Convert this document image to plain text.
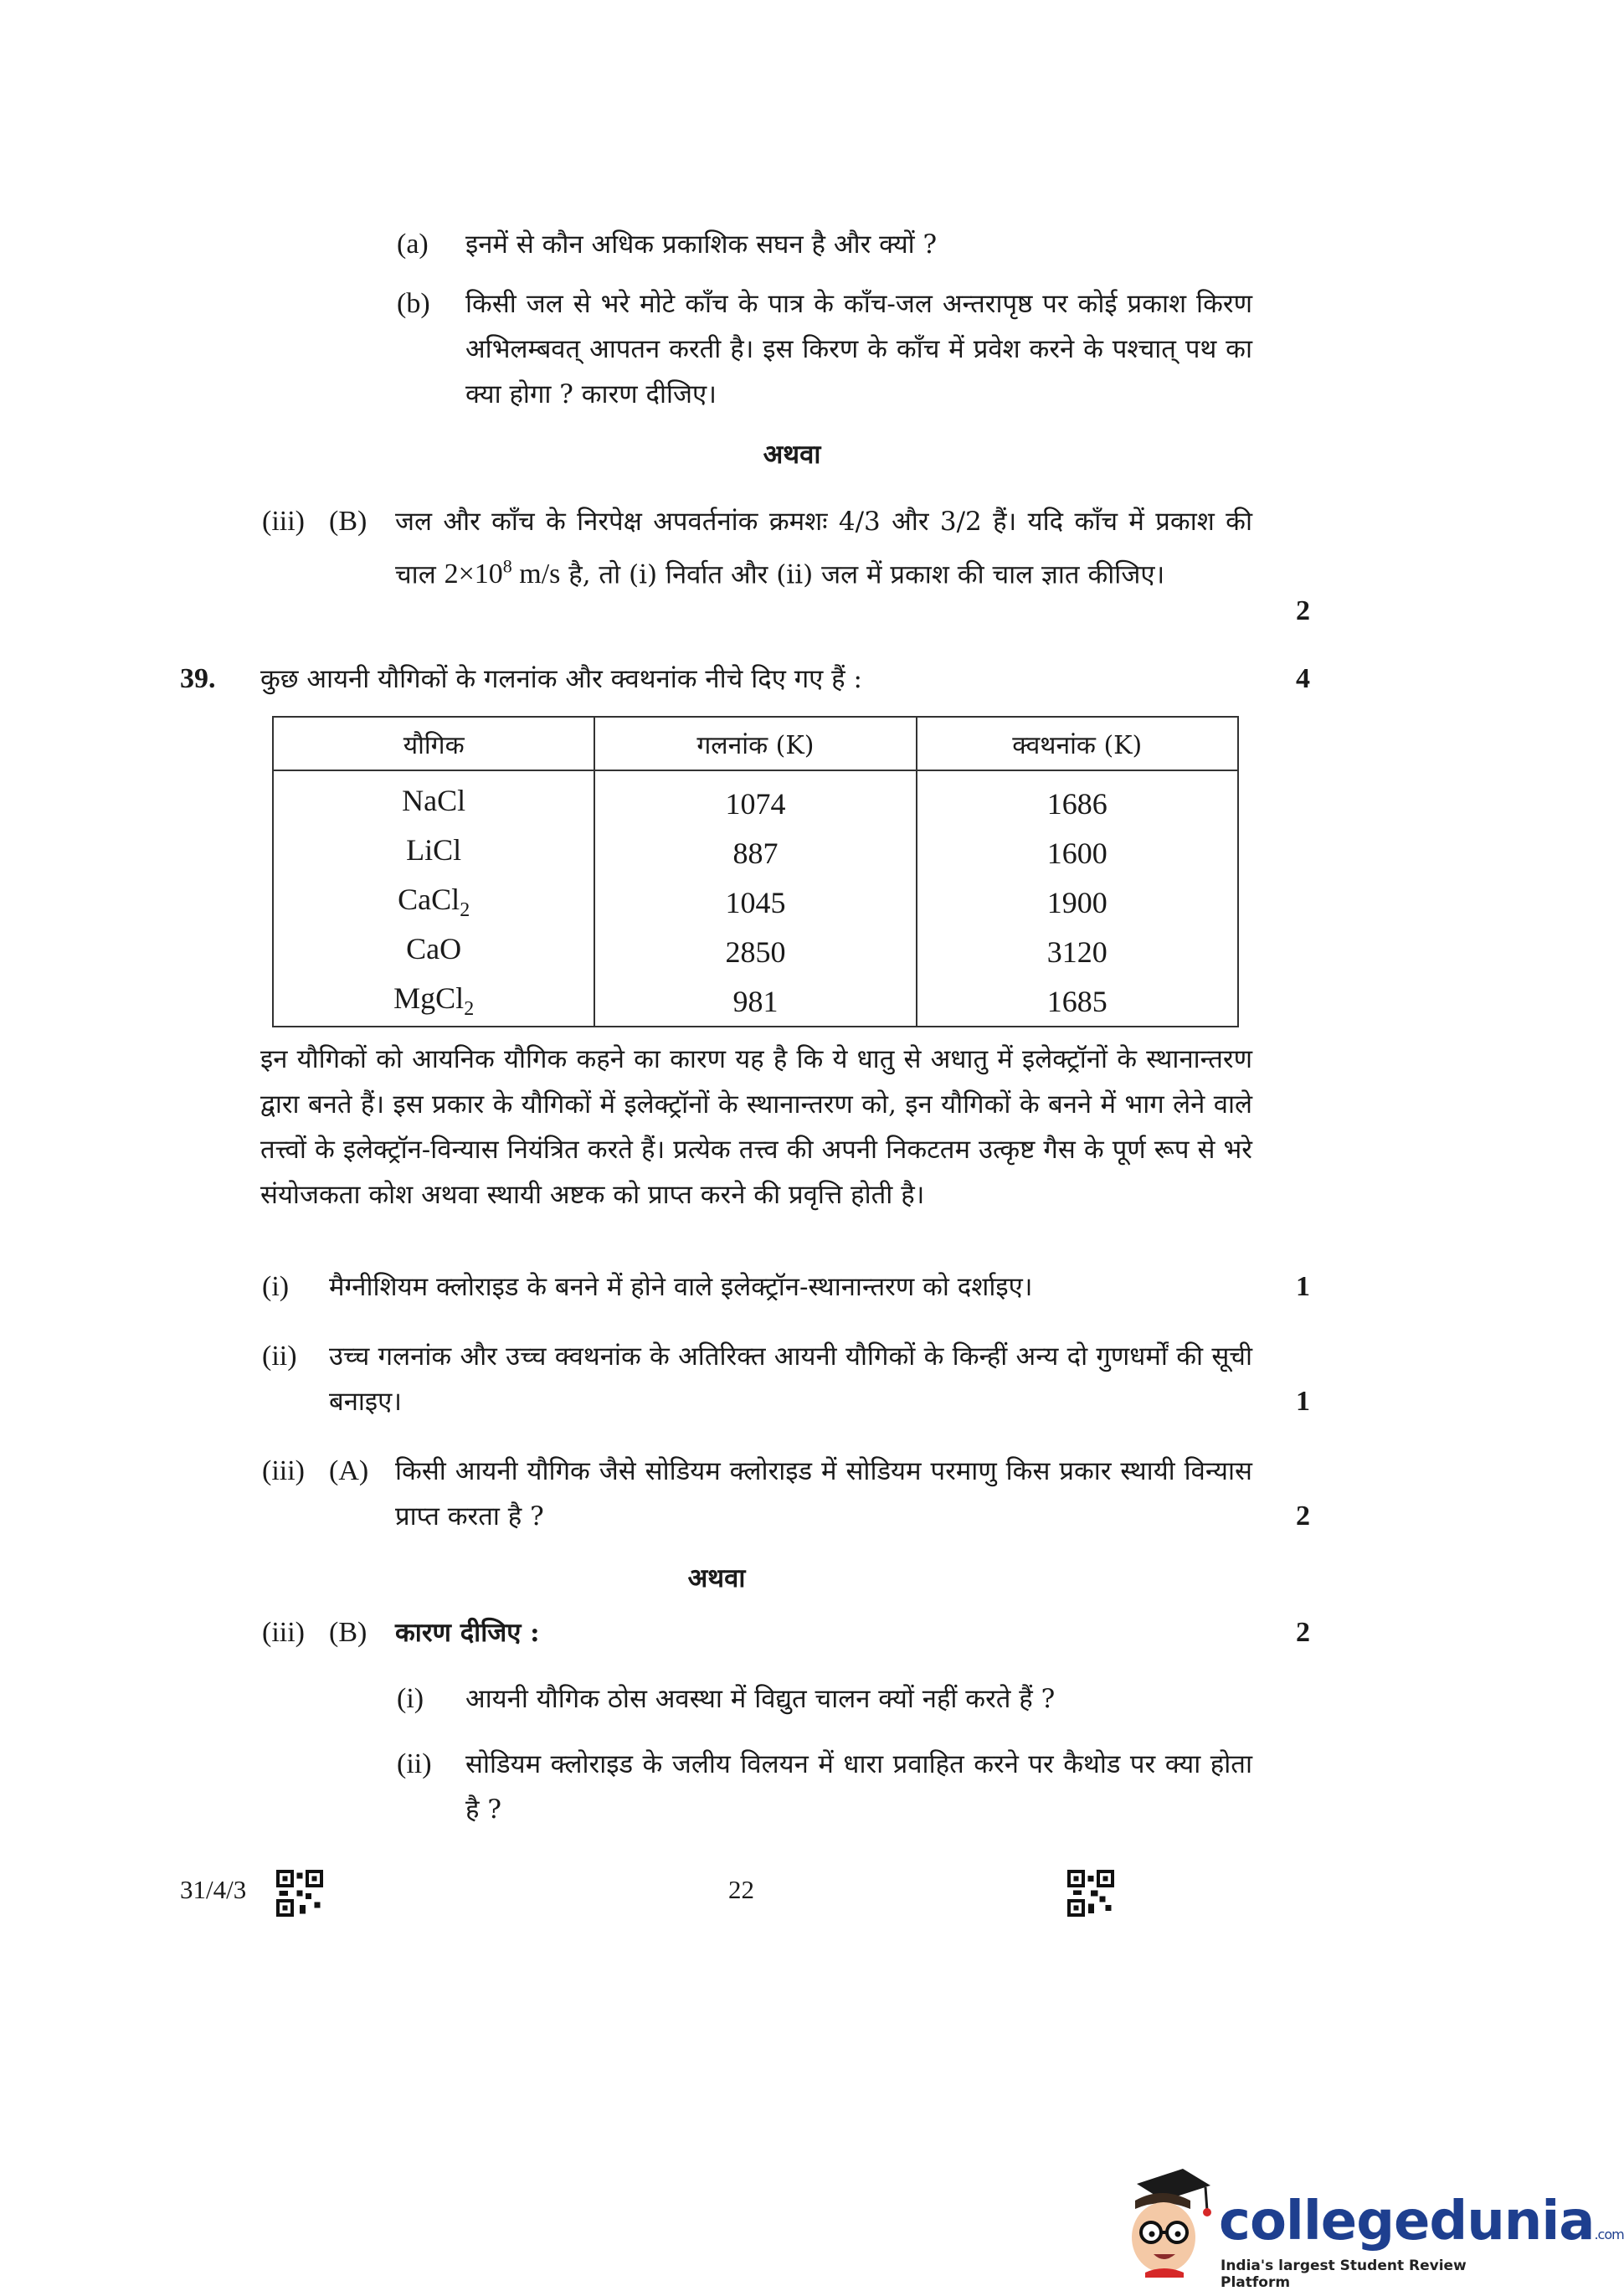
(a) इनमें से कौन अधिक प्रकाशिक सघन है और क्यों ?
(b) किसी जल से भरे मोटे काँच के पात्र के काँच-जल अन्तरापृष्ठ पर कोई प्रकाश किरण अभिलम्बवत् आपतन करती है। इस किरण के काँच में प्रवेश करने के पश्चात् पथ का क्या होगा ? कारण दीजिए।
अथवा
(iii) (B) जल और काँच के निरपेक्ष अपवर्तनांक क्रमशः 4/3 और 3/2 हैं। यदि काँच में प्रकाश की चाल $2\times 10^8$ m/s है, तो (i) निर्वात और (ii) जल में प्रकाश की चाल ज्ञात कीजिए।
2
39. कुछ आयनी यौगिकों के गलनांक और क्वथनांक नीचे दिए गए हैं :	4
यौगिक	गलनांक (K)	क्वथनांक (K)
NaCl	1074	1686
LiCl	887	1600
CaCl$_2$	1045	1900
CaO	2850	3120
MgCl$_2$	981	1685
इन यौगिकों को आयनिक यौगिक कहने का कारण यह है कि ये धातु से अधातु में इलेक्ट्रॉनों के स्थानान्तरण द्वारा बनते हैं। इस प्रकार के यौगिकों में इलेक्ट्रॉनों के स्थानान्तरण को, इन यौगिकों के बनने में भाग लेने वाले तत्त्वों के इलेक्ट्रॉन-विन्यास नियंत्रित करते हैं। प्रत्येक तत्त्व की अपनी निकटतम उत्कृष्ट गैस के पूर्ण रूप से भरे संयोजकता कोश अथवा स्थायी अष्टक को प्राप्त करने की प्रवृत्ति होती है।
(i) मैग्नीशियम क्लोराइड के बनने में होने वाले इलेक्ट्रॉन-स्थानान्तरण को दर्शाइए।	1
(ii) उच्च गलनांक और उच्च क्वथनांक के अतिरिक्त आयनी यौगिकों के किन्हीं अन्य दो गुणधर्मों की सूची बनाइए।	1
(iii) (A) किसी आयनी यौगिक जैसे सोडियम क्लोराइड में सोडियम परमाणु किस प्रकार स्थायी विन्यास प्राप्त करता है ?	2
अथवा
(iii) (B) कारण दीजिए :	2
(i) आयनी यौगिक ठोस अवस्था में विद्युत चालन क्यों नहीं करते हैं ?
(ii) सोडियम क्लोराइड के जलीय विलयन में धारा प्रवाहित करने पर कैथोड पर क्या होता है ?
31/4/3	22
collegedunia.com
India's largest Student Review Platform
